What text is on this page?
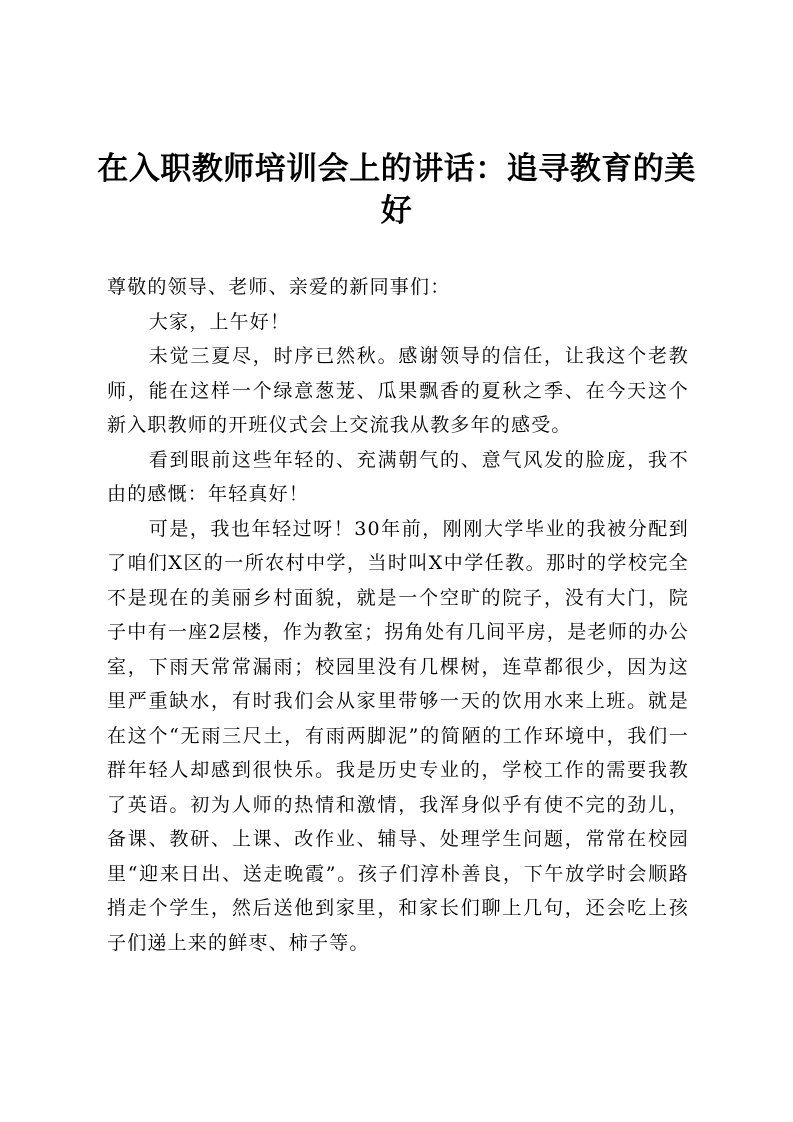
在入职教师培训会上的讲话：追寻教育的美好

尊敬的领导、老师、亲爱的新同事们：

大家，上午好！

未觉三夏尽，时序已然秋。感谢领导的信任，让我这个老教师，能在这样一个绿意葱茏、瓜果飘香的夏秋之季、在今天这个新入职教师的开班仪式会上交流我从教多年的感受。

看到眼前这些年轻的、充满朝气的、意气风发的脸庞，我不由的感慨：年轻真好！

可是，我也年轻过呀！30年前，刚刚大学毕业的我被分配到了咱们X区的一所农村中学，当时叫X中学任教。那时的学校完全不是现在的美丽乡村面貌，就是一个空旷的院子，没有大门，院子中有一座2层楼，作为教室；拐角处有几间平房，是老师的办公室，下雨天常常漏雨；校园里没有几棵树，连草都很少，因为这里严重缺水，有时我们会从家里带够一天的饮用水来上班。就是在这个“无雨三尺土，有雨两脚泥”的简陋的工作环境中，我们一群年轻人却感到很快乐。我是历史专业的，学校工作的需要我教了英语。初为人师的热情和激情，我浑身似乎有使不完的劲儿，备课、教研、上课、改作业、辅导、处理学生问题，常常在校园里“迎来日出、送走晚霞”。孩子们淳朴善良，下午放学时会顺路捎走个学生，然后送他到家里，和家长们聊上几句，还会吃上孩子们递上来的鲜枣、柿子等。
